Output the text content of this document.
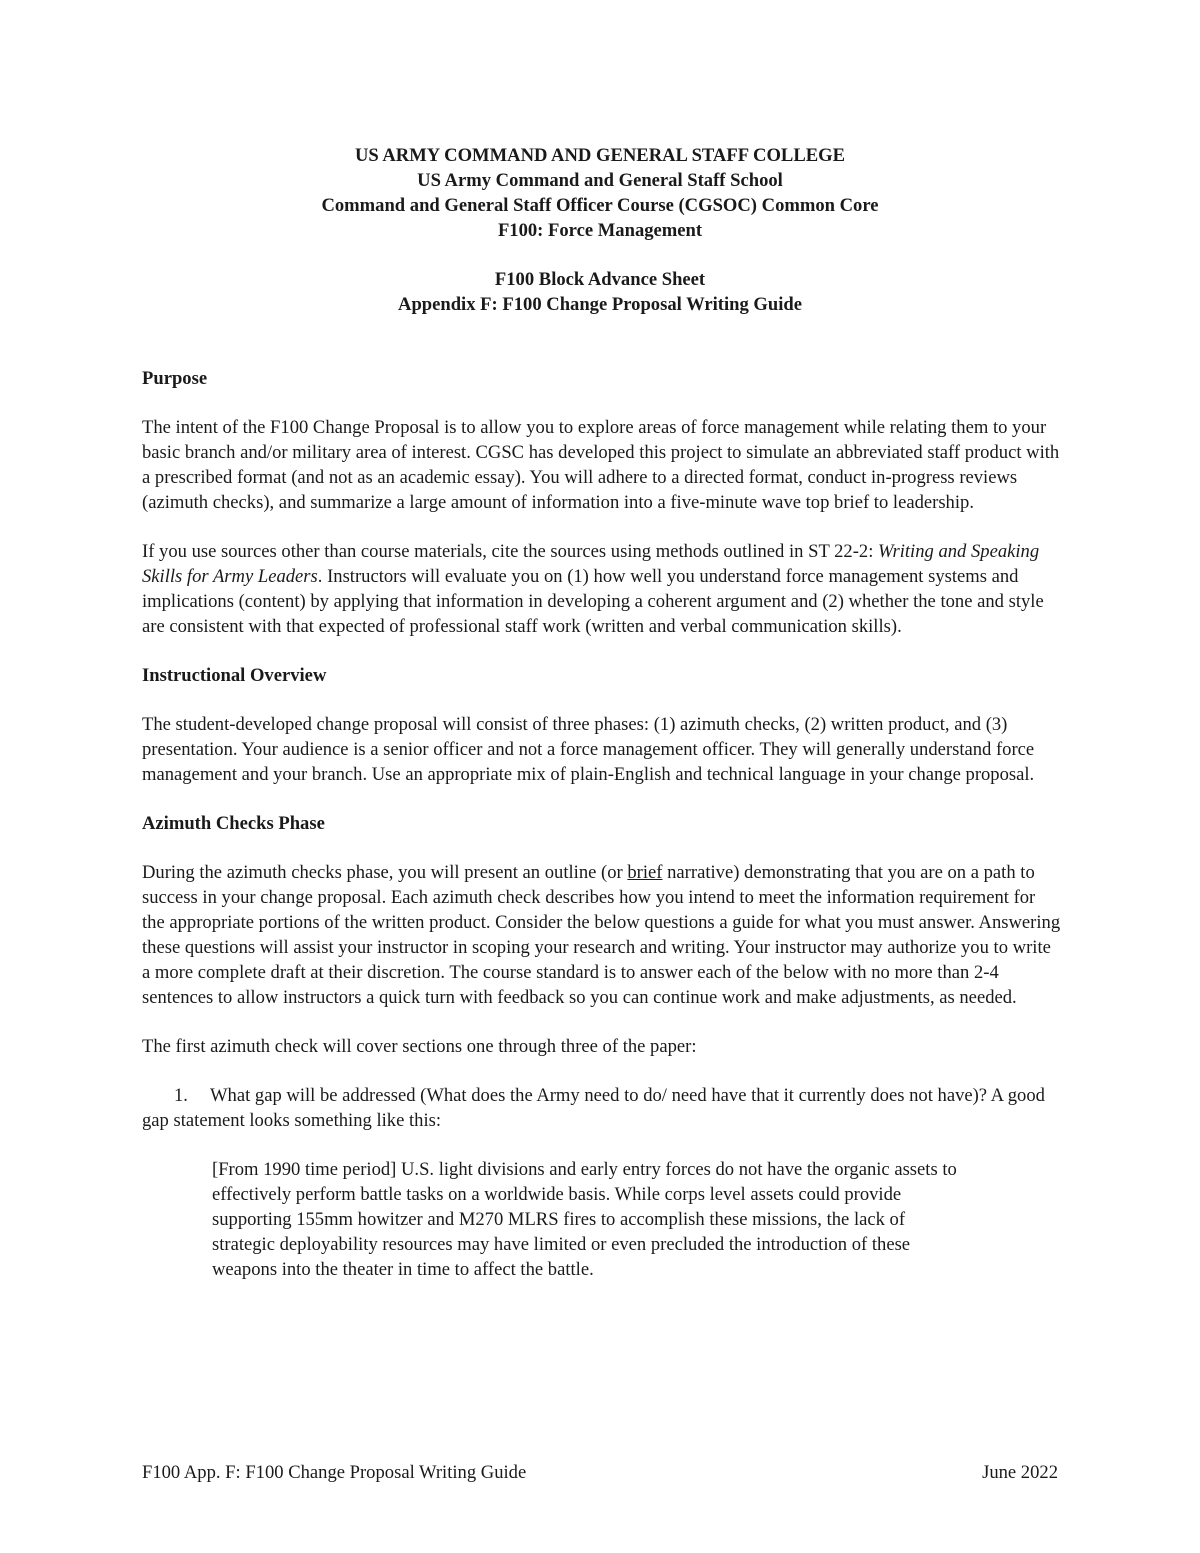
US ARMY COMMAND AND GENERAL STAFF COLLEGE
US Army Command and General Staff School
Command and General Staff Officer Course (CGSOC) Common Core
F100: Force Management
F100 Block Advance Sheet
Appendix F: F100 Change Proposal Writing Guide
Purpose

The intent of the F100 Change Proposal is to allow you to explore areas of force management while relating them to your basic branch and/or military area of interest. CGSC has developed this project to simulate an abbreviated staff product with a prescribed format (and not as an academic essay). You will adhere to a directed format, conduct in-progress reviews (azimuth checks), and summarize a large amount of information into a five-minute wave top brief to leadership.

If you use sources other than course materials, cite the sources using methods outlined in ST 22-2: Writing and Speaking Skills for Army Leaders. Instructors will evaluate you on (1) how well you understand force management systems and implications (content) by applying that information in developing a coherent argument and (2) whether the tone and style are consistent with that expected of professional staff work (written and verbal communication skills).

Instructional Overview

The student-developed change proposal will consist of three phases: (1) azimuth checks, (2) written product, and (3) presentation. Your audience is a senior officer and not a force management officer. They will generally understand force management and your branch. Use an appropriate mix of plain-English and technical language in your change proposal.

Azimuth Checks Phase

During the azimuth checks phase, you will present an outline (or brief narrative) demonstrating that you are on a path to success in your change proposal. Each azimuth check describes how you intend to meet the information requirement for the appropriate portions of the written product. Consider the below questions a guide for what you must answer. Answering these questions will assist your instructor in scoping your research and writing. Your instructor may authorize you to write a more complete draft at their discretion. The course standard is to answer each of the below with no more than 2-4 sentences to allow instructors a quick turn with feedback so you can continue work and make adjustments, as needed.

The first azimuth check will cover sections one through three of the paper:

1. What gap will be addressed (What does the Army need to do/ need have that it currently does not have)? A good gap statement looks something like this:

[From 1990 time period] U.S. light divisions and early entry forces do not have the organic assets to effectively perform battle tasks on a worldwide basis. While corps level assets could provide supporting 155mm howitzer and M270 MLRS fires to accomplish these missions, the lack of strategic deployability resources may have limited or even precluded the introduction of these weapons into the theater in time to affect the battle.

F100 App. F: F100 Change Proposal Writing Guide	June 2022
